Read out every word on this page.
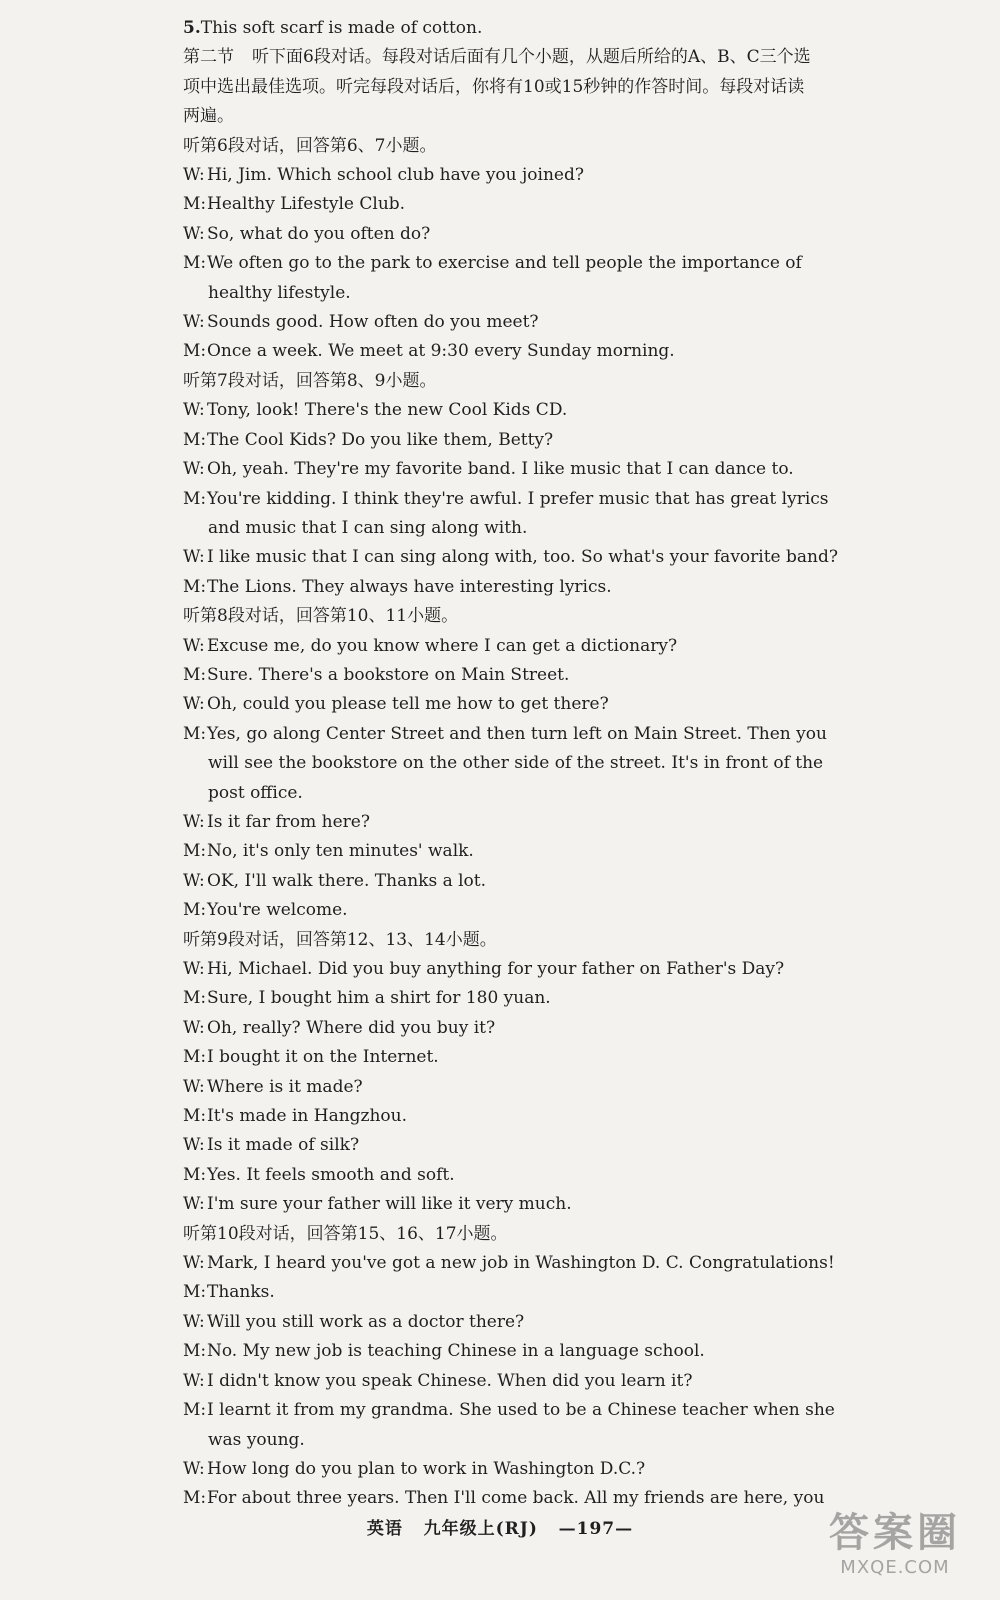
5.This soft scarf is made of cotton.
第二节 听下面6段对话。每段对话后面有几个小题，从题后所给的A、B、C三个选项中选出最佳选项。听完每段对话后，你将有10或15秒钟的作答时间。每段对话读两遍。
听第6段对话，回答第6、7小题。
W: Hi, Jim. Which school club have you joined?
M:Healthy Lifestyle Club.
W: So, what do you often do?
M:We often go to the park to exercise and tell people the importance of
healthy lifestyle.
W: Sounds good. How often do you meet?
M:Once a week. We meet at 9:30 every Sunday morning.
听第7段对话，回答第8、9小题。
W: Tony, look! There's the new Cool Kids CD.
M:The Cool Kids? Do you like them, Betty?
W: Oh, yeah. They're my favorite band. I like music that I can dance to.
M:You're kidding. I think they're awful. I prefer music that has great lyrics
and music that I can sing along with.
W: I like music that I can sing along with, too. So what's your favorite band?
M:The Lions. They always have interesting lyrics.
听第8段对话，回答第10、11小题。
W: Excuse me, do you know where I can get a dictionary?
M:Sure. There's a bookstore on Main Street.
W: Oh, could you please tell me how to get there?
M:Yes, go along Center Street and then turn left on Main Street. Then you
will see the bookstore on the other side of the street. It's in front of the
post office.
W: Is it far from here?
M:No, it's only ten minutes' walk.
W: OK, I'll walk there. Thanks a lot.
M:You're welcome.
听第9段对话，回答第12、13、14小题。
W: Hi, Michael. Did you buy anything for your father on Father's Day?
M:Sure, I bought him a shirt for 180 yuan.
W: Oh, really? Where did you buy it?
M:I bought it on the Internet.
W: Where is it made?
M:It's made in Hangzhou.
W: Is it made of silk?
M:Yes. It feels smooth and soft.
W: I'm sure your father will like it very much.
听第10段对话，回答第15、16、17小题。
W: Mark, I heard you've got a new job in Washington D. C. Congratulations!
M:Thanks.
W: Will you still work as a doctor there?
M:No. My new job is teaching Chinese in a language school.
W: I didn't know you speak Chinese. When did you learn it?
M:I learnt it from my grandma. She used to be a Chinese teacher when she
was young.
W: How long do you plan to work in Washington D.C.?
M:For about three years. Then I'll come back. All my friends are here, you
英语 九年级上(RJ) —197—	答案圈
MXQE.COM
